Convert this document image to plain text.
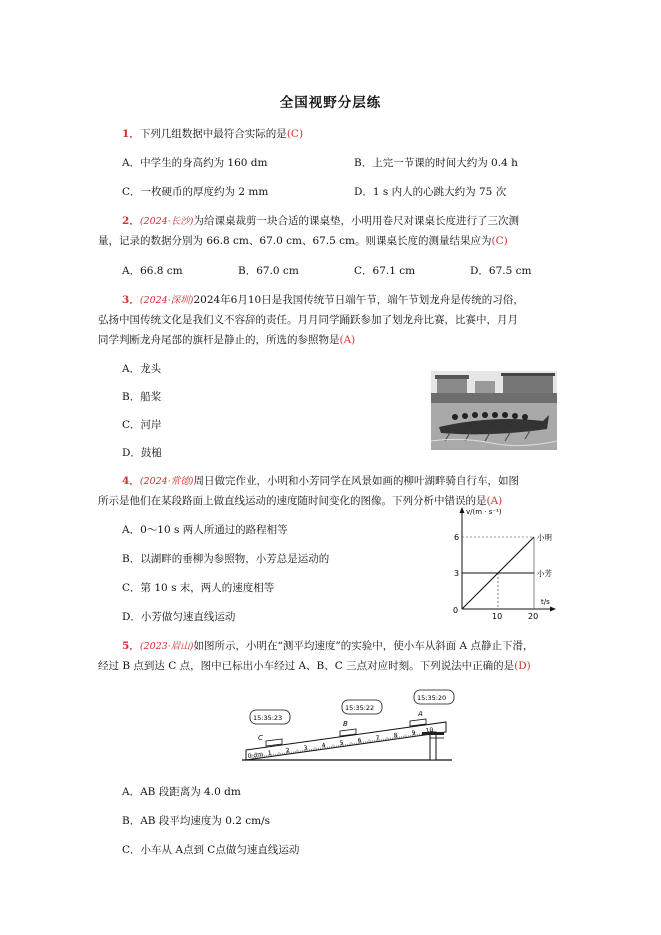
全国视野分层练
1．下列几组数据中最符合实际的是(C)
A．中学生的身高约为 160 dm	B．上完一节课的时间大约为 0.4 h
C．一枚硬币的厚度约为 2 mm	D．1 s 内人的心跳大约为 75 次
2．(2024·长沙)为给课桌裁剪一块合适的课桌垫，小明用卷尺对课桌长度进行了三次测
量，记录的数据分别为 66.8 cm、67.0 cm、67.5 cm。则课桌长度的测量结果应为(C)
A．66.8 cm	B．67.0 cm	C．67.1 cm	D．67.5 cm
3．(2024·深圳)2024年6月10日是我国传统节日端午节，端午节划龙舟是传统的习俗，
弘扬中国传统文化是我们义不容辞的责任。月月同学踊跃参加了划龙舟比赛，比赛中，月月
同学判断龙舟尾部的旗杆是静止的，所选的参照物是(A)
A．龙头
B．船桨
C．河岸
D．鼓槌
4．(2024·常德)周日做完作业，小明和小芳同学在风景如画的柳叶湖畔骑自行车，如图
所示是他们在某段路面上做直线运动的速度随时间变化的图像。下列分析中错误的是(A)
A．0～10 s 两人所通过的路程相等
B．以湖畔的垂柳为参照物，小芳总是运动的
C．第 10 s 末，两人的速度相等
D．小芳做匀速直线运动
v/(m · s⁻¹)
t/s
0
6
3
10	20
小明
小芳
5．(2023·眉山)如图所示，小明在“测平均速度”的实验中，使小车从斜面 A 点静止下滑，
经过 B 点到达 C 点，图中已标出小车经过 A、B、C 三点对应时刻。下列说法中正确的是(D)
0 dm 1 2 3 4 5 6 7 8 9 10
C
B
A
15:35:23
15:35:22
15:35:20
A．AB 段距离为 4.0 dm
B．AB 段平均速度为 0.2 cm/s
C．小车从 A点到 C点做匀速直线运动
